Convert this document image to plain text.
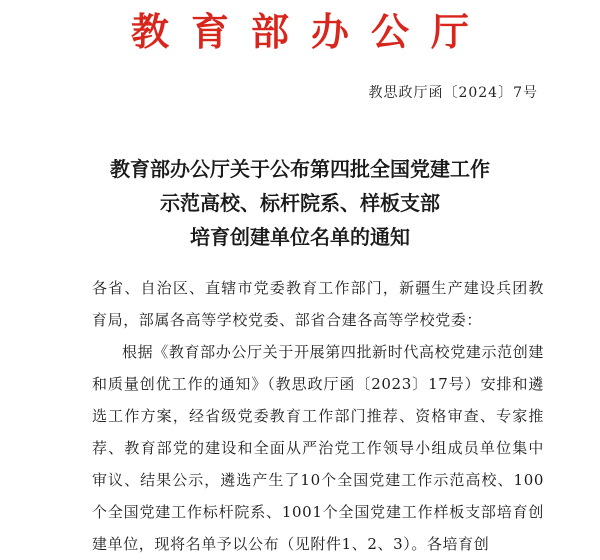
教育部办公厅
教思政厅函〔2024〕7号
教育部办公厅关于公布第四批全国党建工作
示范高校、标杆院系、样板支部
培育创建单位名单的通知

各省、自治区、直辖市党委教育工作部门，新疆生产建设兵团教育局，部属各高等学校党委、部省合建各高等学校党委：

根据《教育部办公厅关于开展第四批新时代高校党建示范创建和质量创优工作的通知》（教思政厅函〔2023〕17号）安排和遴选工作方案，经省级党委教育工作部门推荐、资格审查、专家推荐、教育部党的建设和全面从严治党工作领导小组成员单位集中审议、结果公示，遴选产生了10个全国党建工作示范高校、100个全国党建工作标杆院系、1001个全国党建工作样板支部培育创建单位，现将名单予以公布（见附件1、2、3）。各培育创
